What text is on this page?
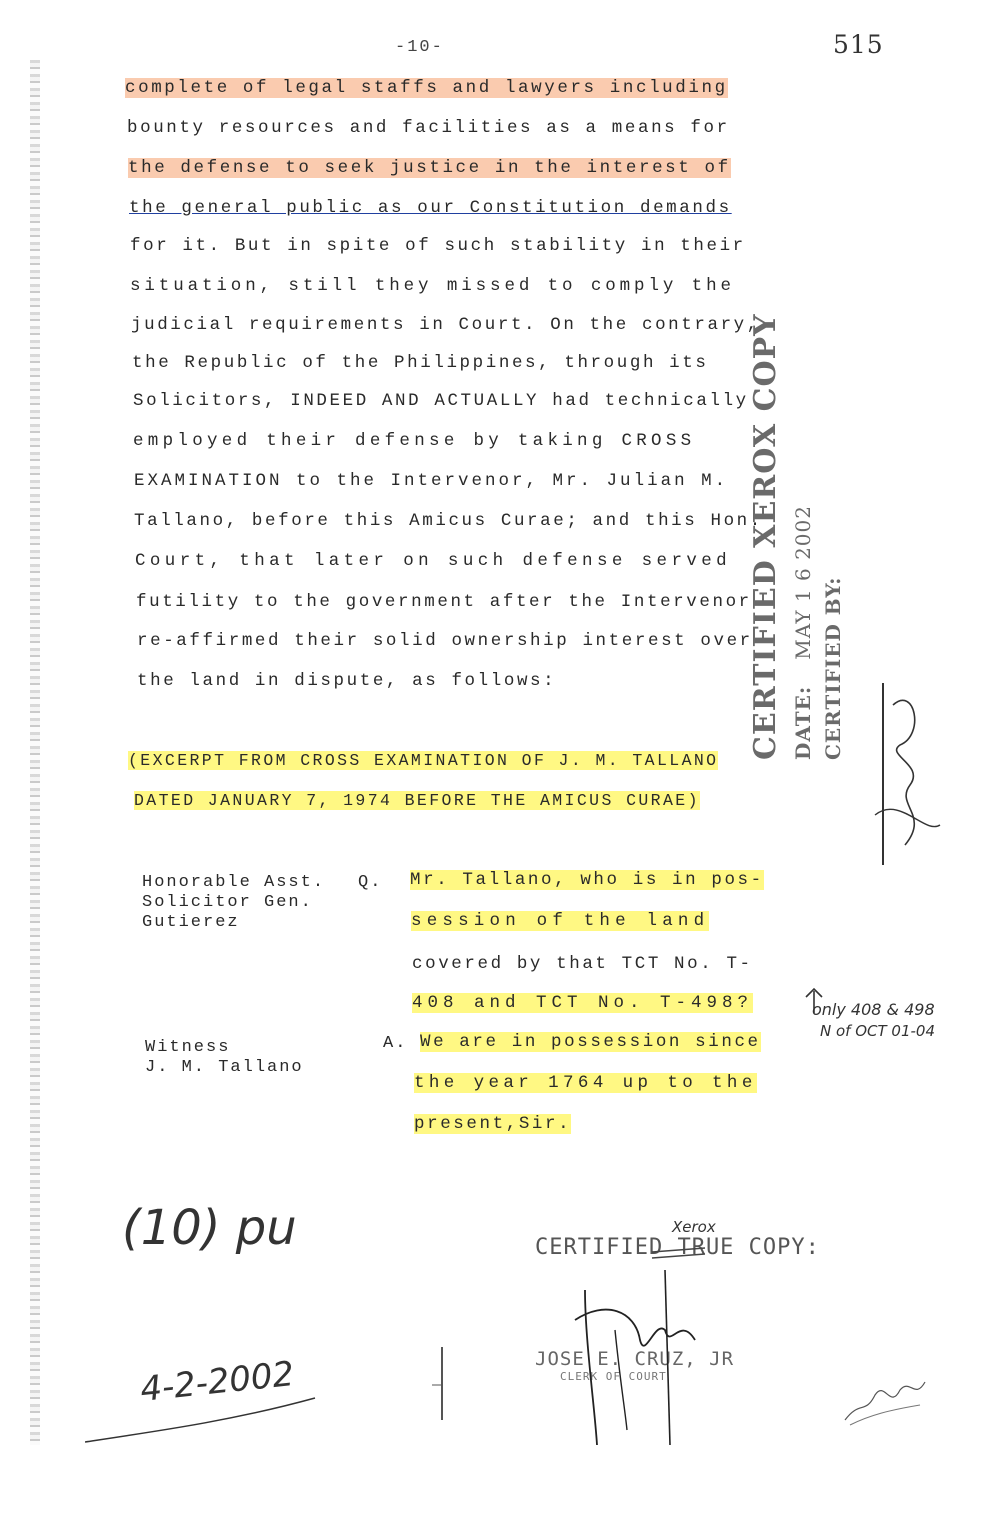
-10-	515
complete of legal staffs and lawyers including
bounty resources and facilities as a means for
the defense to seek justice in the interest of
the general public as our Constitution demands
for it. But in spite of such stability in their
situation, still they missed to comply the
judicial requirements in Court. On the contrary,
the Republic of the Philippines, through its
Solicitors, INDEED AND ACTUALLY had technically
employed their defense by taking CROSS
EXAMINATION to the Intervenor, Mr. Julian M.
Tallano, before this Amicus Curae; and this Hon.
Court, that later on such defense served
futility to the government after the Intervenor
re-affirmed their solid ownership interest over
the land in dispute, as follows:
(EXCERPT FROM CROSS EXAMINATION OF J. M. TALLANO
DATED JANUARY 7, 1974 BEFORE THE AMICUS CURAE)
Honorable Asst.
Solicitor Gen.
Gutierez
Q. Mr. Tallano, who is in pos-
session of the land
covered by that TCT No. T-
408 and TCT No. T-498?
Witness
J. M. Tallano
A. We are in possession since
the year 1764 up to the
present,Sir.
CERTIFIED XEROX COPY DATE: MAY 1 6 2002 CERTIFIED BY:
only 408 & 498
N of OCT 01-04
(10) pu
4-2-2002
CERTIFIED TRUE COPY:
Xerox
JOSE E. CRUZ, JR
CLERK OF COURT
